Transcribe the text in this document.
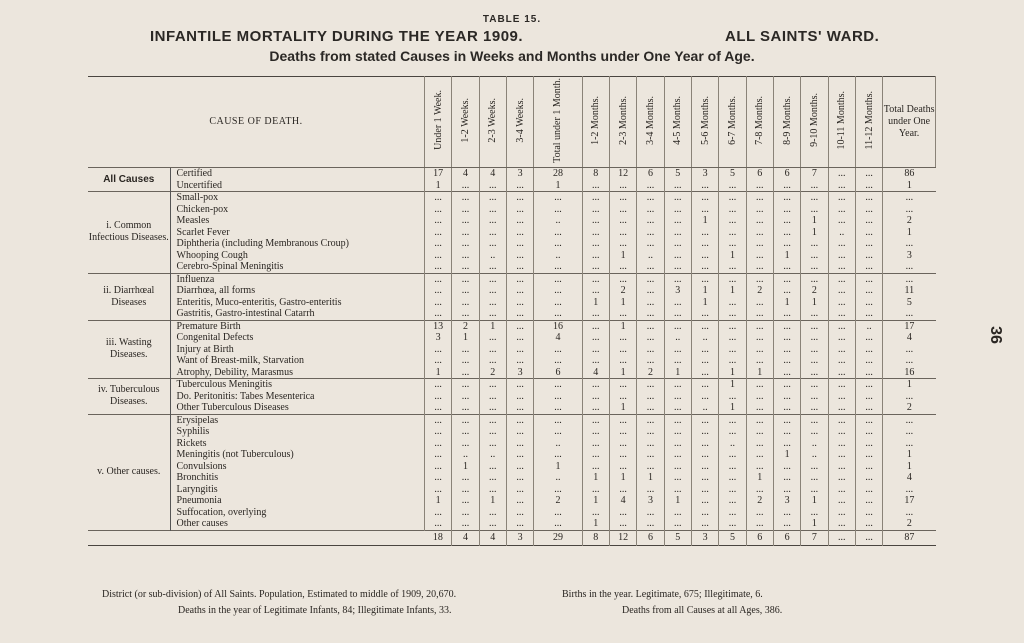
TABLE 15.
INFANTILE MORTALITY DURING THE YEAR 1909.	ALL SAINTS' WARD.
Deaths from stated Causes in Weeks and Months under One Year of Age.
36
CAUSE OF DEATH.		Under 1 Week.	1-2 Weeks.	2-3 Weeks.	3-4 Weeks.	Total under 1 Month.	1-2 Months.	2-3 Months.	3-4 Months.	4-5 Months.	5-6 Months.	6-7 Months.	7-8 Months.	8-9 Months.	9-10 Months.	10-11 Months.	11-12 Months.	Total Deaths under One Year.
All Causes	Certified	17	4	4	3	28	8	12	6	5	3	5	6	6	7	...	...	86
	Uncertified	1	...	...	...	1	...	...	...	...	...	...	...	...	...	...	...	1
i. Common Infectious Diseases.	Small-pox	...	...	...	...	...	...	...	...	...	...	...	...	...	...	...	...	...
	Chicken-pox	...	...	...	...	...	...	...	...	...	...	...	...	...	...	...	...	...
	Measles	...	...	...	...	..	...	...	...	...	1	...	...	...	1	...	...	2
	Scarlet Fever	...	...	...	...	...	...	...	...	...	...	...	...	...	1	..	...	1
	Diphtheria (including Membranous Croup)	...	...	...	...	...	...	...	...	...	...	...	...	...	...	...	...	...
	Whooping Cough	...	...	..	...	..	...	1	..	...	...	1	...	1	...	...	...	3
	Cerebro-Spinal Meningitis	...	...	...	...	...	...	...	...	...	...	...	...	...	...	...	...	...
ii. Diarrhœal Diseases	Influenza	...	...	...	...	...	...	...	...	...	...	...	...	...	...	...	...	...
	Diarrhœa, all forms	...	...	...	...	...	...	2	...	3	1	1	2	...	2	...	...	11
	Enteritis, Muco-enteritis, Gastro-enteritis	...	...	...	...	...	1	1	...	...	1	...	...	1	1	...	...	5
	Gastritis, Gastro-intestinal Catarrh	...	...	...	...	...	...	...	...	...	...	...	...	...	...	...	...	...
iii. Wasting Diseases.	Premature Birth	13	2	1	...	16	...	1	...	...	...	...	...	...	...	...	..	17
	Congenital Defects	3	1	...	...	4	...	...	...	..	..	...	...	...	...	...	...	4
	Injury at Birth	...	...	...	...	...	...	...	...	...	...	...	...	...	...	...	...	...
	Want of Breast-milk, Starvation	...	...	...	...	...	...	...	...	...	...	...	...	...	...	...	...	...
	Atrophy, Debility, Marasmus	1	...	2	3	6	4	1	2	1	...	1	1	...	...	...	...	16
iv. Tuberculous Diseases.	Tuberculous Meningitis	...	...	...	...	...	...	...	...	...	...	1	...	...	...	...	...	1
	Do. Peritonitis: Tabes Mesenterica	...	...	...	...	...	...	...	...	...	...	...	...	...	...	...	...	...
	Other Tuberculous Diseases	...	...	...	...	...	...	1	...	...	..	1	...	...	...	...	...	2
v. Other causes.	Erysipelas	...	...	...	...	...	...	...	...	...	...	...	...	...	...	...	...	...
	Syphilis	...	...	...	...	...	...	...	...	...	...	...	...	...	...	...	...	...
	Rickets	...	...	...	...	..	...	...	...	...	...	..	...	...	..	...	...	...
	Meningitis (not Tuberculous)	...	..	..	...	...	...	...	...	...	...	...	...	1	..	...	...	1
	Convulsions	...	1	...	...	1	...	...	...	...	...	...	...	...	...	...	...	1
	Bronchitis	...	...	...	...	..	1	1	1	...	...	...	1	...	...	...	...	4
	Laryngitis	...	...	...	...	...	...	...	...	...	...	...	...	...	...	...	...	...
	Pneumonia	1	...	1	...	2	1	4	3	1	...	...	2	3	1	...	...	17
	Suffocation, overlying	...	...	...	...	...	...	...	...	...	...	...	...	...	...	...	...	...
	Other causes	...	...	...	...	...	1	...	...	...	...	...	...	...	1	...	...	2
		18	4	4	3	29	8	12	6	5	3	5	6	6	7	...	...	87
District (or sub-division) of All Saints. Population, Estimated to middle of 1909, 20,670.	Births in the year. Legitimate, 675; Illegitimate, 6.
Deaths in the year of Legitimate Infants, 84; Illegitimate Infants, 33.	Deaths from all Causes at all Ages, 386.
